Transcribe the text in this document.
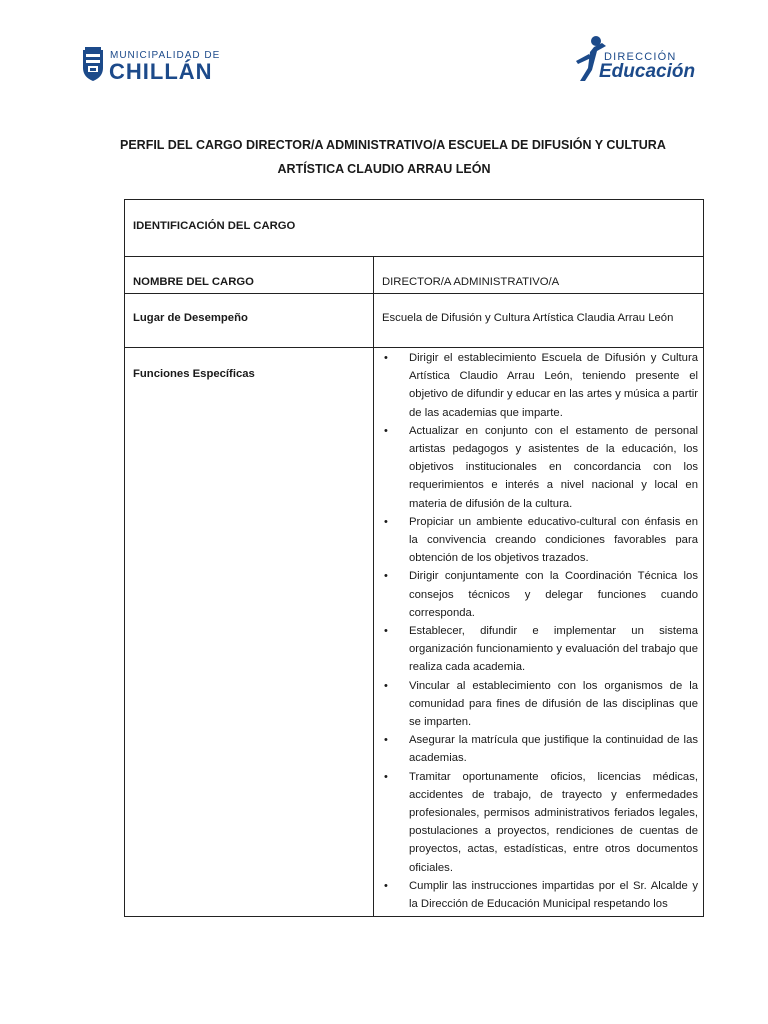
MUNICIPALIDAD DE
CHILLÁN
DIRECCIÓN
Educación
PERFIL DEL CARGO DIRECTOR/A ADMINISTRATIVO/A ESCUELA DE DIFUSIÓN Y CULTURA
ARTÍSTICA CLAUDIO ARRAU LEÓN
IDENTIFICACIÓN DEL CARGO
NOMBRE DEL CARGO	DIRECTOR/A ADMINISTRATIVO/A
Lugar de Desempeño	Escuela de Difusión y Cultura Artística Claudia Arrau León
Funciones Específicas
• Dirigir el establecimiento Escuela de Difusión y Cultura Artística Claudio Arrau León, teniendo presente el objetivo de difundir y educar en las artes y música a partir de las academias que imparte.
• Actualizar en conjunto con el estamento de personal artistas pedagogos y asistentes de la educación, los objetivos institucionales en concordancia con los requerimientos e interés a nivel nacional y local en materia de difusión de la cultura.
• Propiciar un ambiente educativo-cultural con énfasis en la convivencia creando condiciones favorables para obtención de los objetivos trazados.
• Dirigir conjuntamente con la Coordinación Técnica los consejos técnicos y delegar funciones cuando corresponda.
• Establecer, difundir e implementar un sistema organización funcionamiento y evaluación del trabajo que realiza cada academia.
• Vincular al establecimiento con los organismos de la comunidad para fines de difusión de las disciplinas que se imparten.
• Asegurar la matrícula que justifique la continuidad de las academias.
• Tramitar oportunamente oficios, licencias médicas, accidentes de trabajo, de trayecto y enfermedades profesionales, permisos administrativos feriados legales, postulaciones a proyectos, rendiciones de cuentas de proyectos, actas, estadísticas, entre otros documentos oficiales.
• Cumplir las instrucciones impartidas por el Sr. Alcalde y la Dirección de Educación Municipal respetando los
